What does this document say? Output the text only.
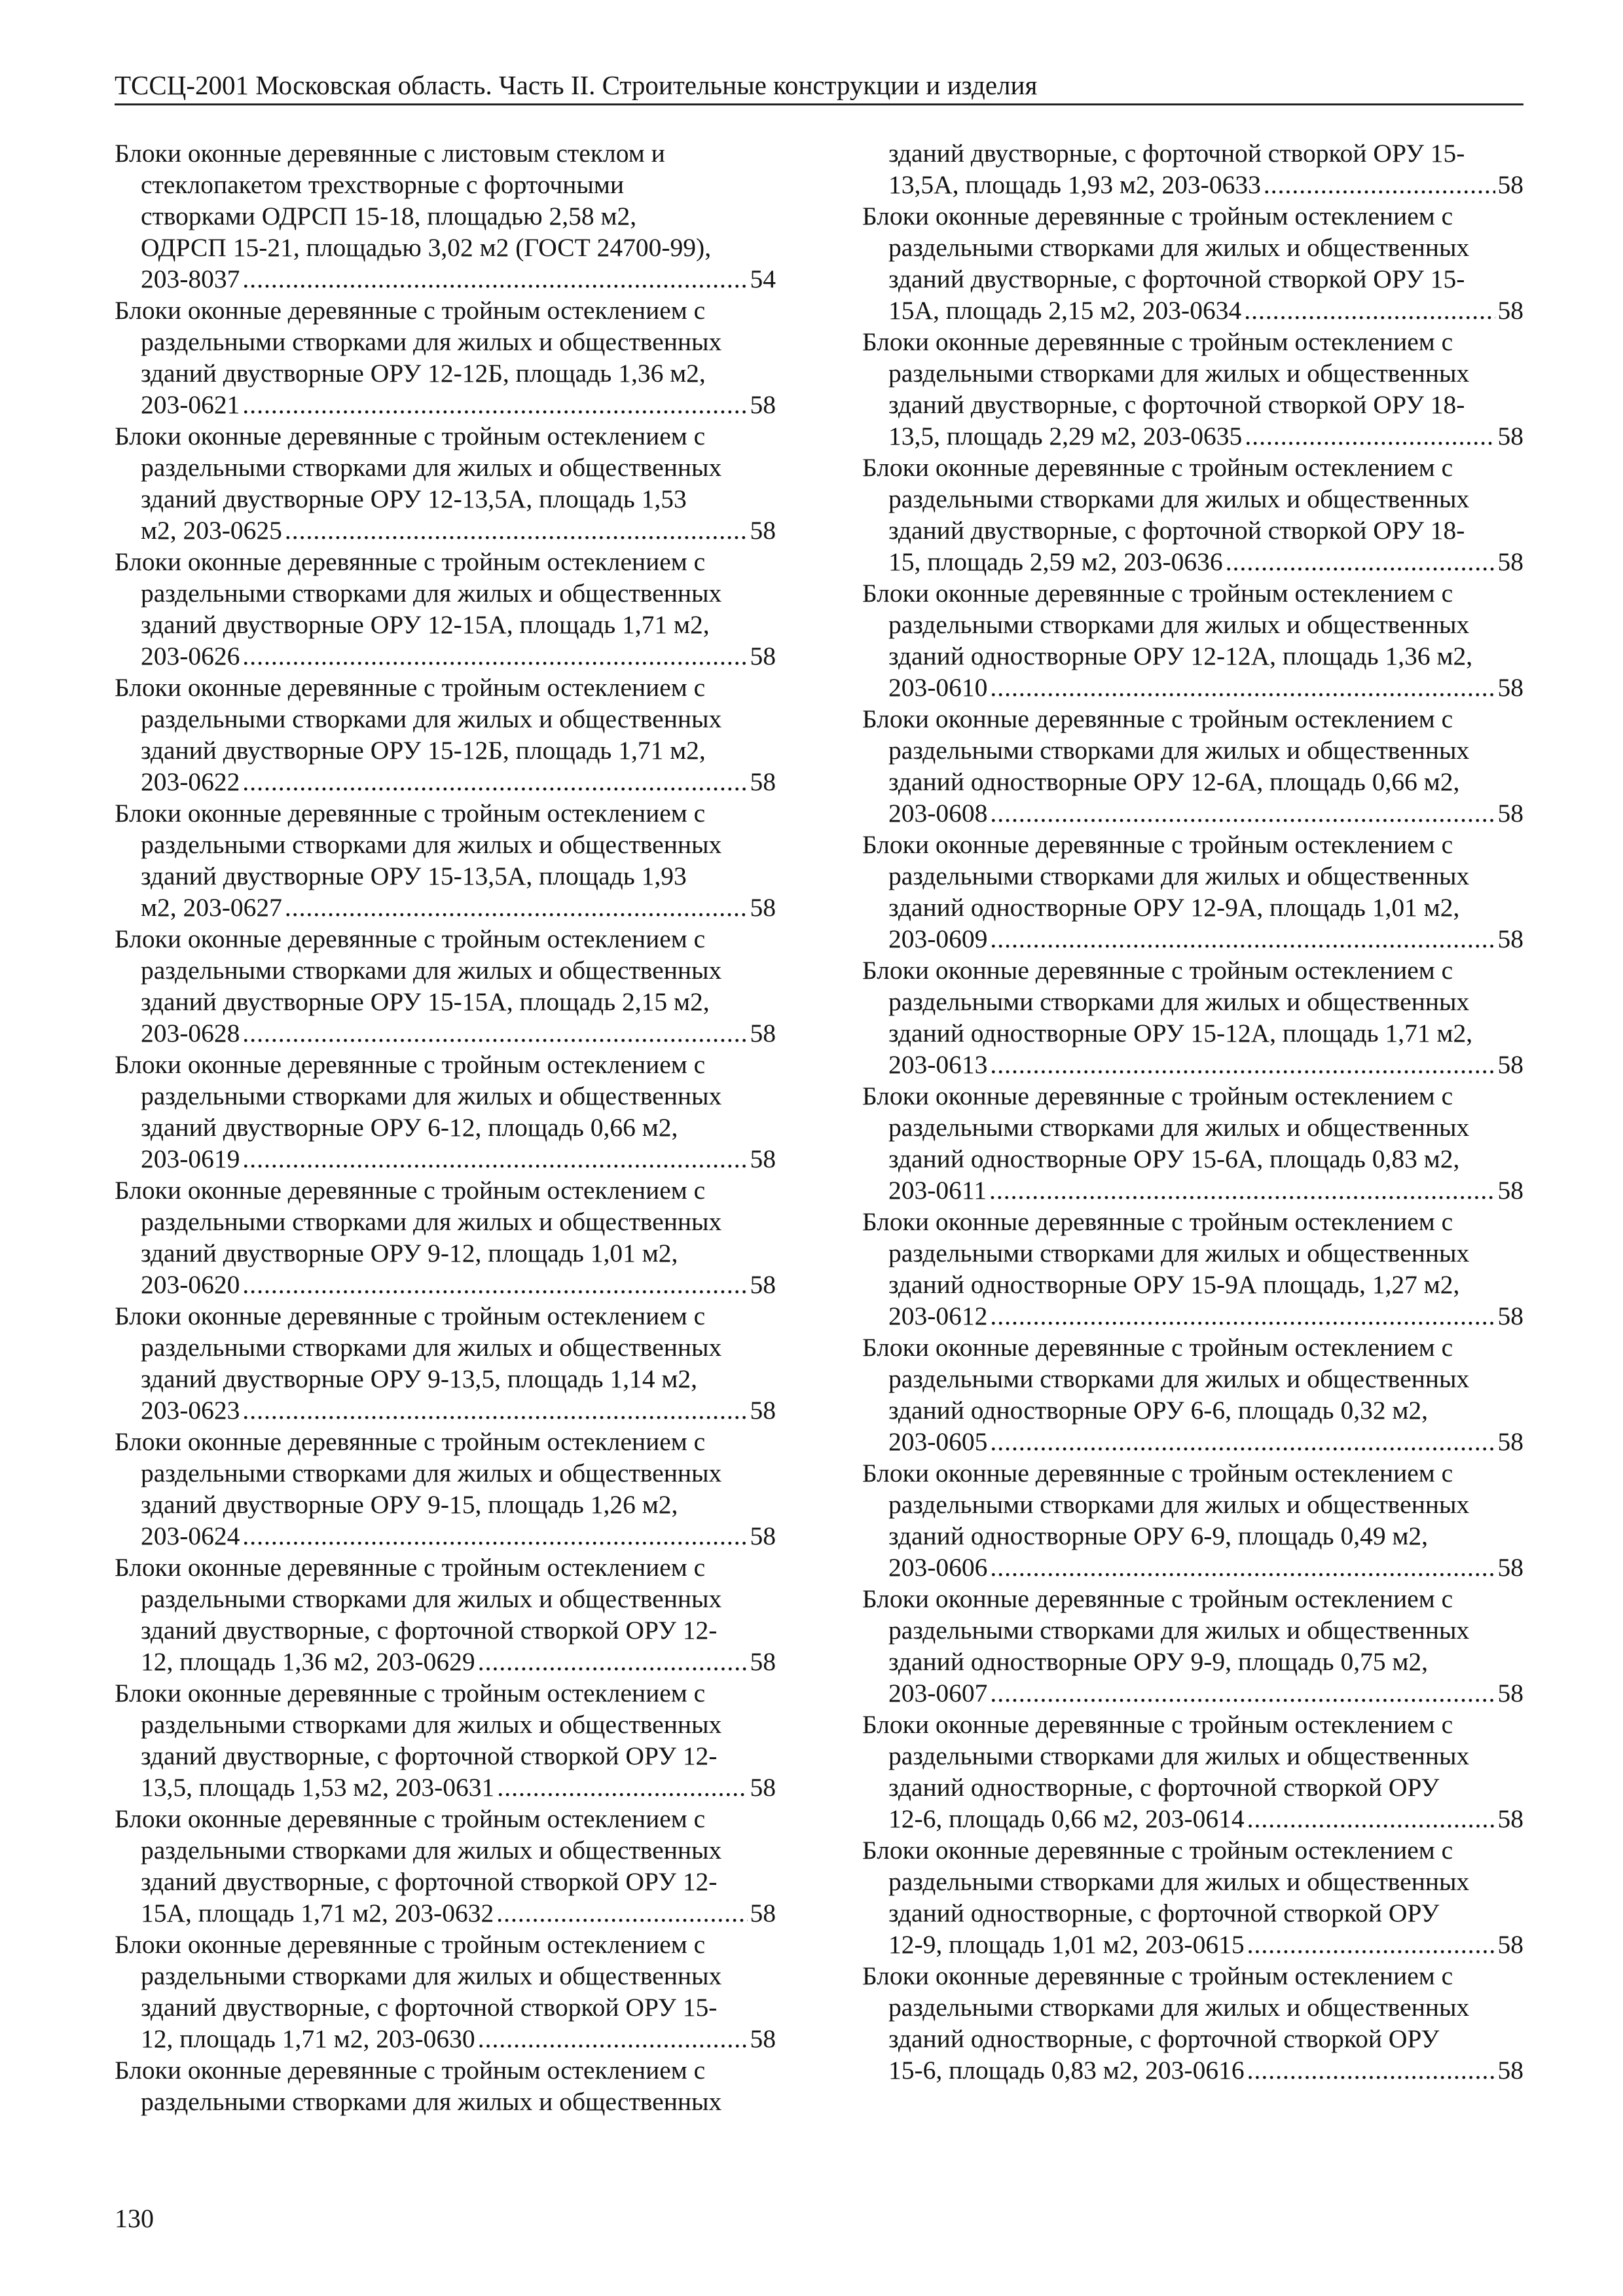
ТССЦ-2001 Московская область. Часть II. Строительные конструкции и изделия
Блоки оконные деревянные с листовым стеклом и
стеклопакетом трехстворные с форточными
створками ОДРСП 15-18, площадью 2,58 м2,
ОДРСП 15-21, площадью 3,02 м2 (ГОСТ 24700-99),
203-8037 .....	54
Блоки оконные деревянные с тройным остеклением с
раздельными створками для жилых и общественных
зданий двустворные ОРУ 12-12Б, площадь 1,36 м2,
203-0621 .....	58
Блоки оконные деревянные с тройным остеклением с
раздельными створками для жилых и общественных
зданий двустворные ОРУ 12-13,5А, площадь 1,53
м2, 203-0625 .....	58
Блоки оконные деревянные с тройным остеклением с
раздельными створками для жилых и общественных
зданий двустворные ОРУ 12-15А, площадь 1,71 м2,
203-0626 .....	58
Блоки оконные деревянные с тройным остеклением с
раздельными створками для жилых и общественных
зданий двустворные ОРУ 15-12Б, площадь 1,71 м2,
203-0622 .....	58
Блоки оконные деревянные с тройным остеклением с
раздельными створками для жилых и общественных
зданий двустворные ОРУ 15-13,5А, площадь 1,93
м2, 203-0627 .....	58
Блоки оконные деревянные с тройным остеклением с
раздельными створками для жилых и общественных
зданий двустворные ОРУ 15-15А, площадь 2,15 м2,
203-0628 .....	58
Блоки оконные деревянные с тройным остеклением с
раздельными створками для жилых и общественных
зданий двустворные ОРУ 6-12, площадь 0,66 м2,
203-0619 .....	58
Блоки оконные деревянные с тройным остеклением с
раздельными створками для жилых и общественных
зданий двустворные ОРУ 9-12, площадь 1,01 м2,
203-0620 .....	58
Блоки оконные деревянные с тройным остеклением с
раздельными створками для жилых и общественных
зданий двустворные ОРУ 9-13,5, площадь 1,14 м2,
203-0623 .....	58
Блоки оконные деревянные с тройным остеклением с
раздельными створками для жилых и общественных
зданий двустворные ОРУ 9-15, площадь 1,26 м2,
203-0624 .....	58
Блоки оконные деревянные с тройным остеклением с
раздельными створками для жилых и общественных
зданий двустворные, с форточной створкой ОРУ 12-
12, площадь 1,36 м2, 203-0629 .....	58
Блоки оконные деревянные с тройным остеклением с
раздельными створками для жилых и общественных
зданий двустворные, с форточной створкой ОРУ 12-
13,5, площадь 1,53 м2, 203-0631 .....	58
Блоки оконные деревянные с тройным остеклением с
раздельными створками для жилых и общественных
зданий двустворные, с форточной створкой ОРУ 12-
15А, площадь 1,71 м2, 203-0632 .....	58
Блоки оконные деревянные с тройным остеклением с
раздельными створками для жилых и общественных
зданий двустворные, с форточной створкой ОРУ 15-
12, площадь 1,71 м2, 203-0630 .....	58
Блоки оконные деревянные с тройным остеклением с
раздельными створками для жилых и общественных
зданий двустворные, с форточной створкой ОРУ 15-
13,5А, площадь 1,93 м2, 203-0633 .....	58
Блоки оконные деревянные с тройным остеклением с
раздельными створками для жилых и общественных
зданий двустворные, с форточной створкой ОРУ 15-
15А, площадь 2,15 м2, 203-0634 .....	58
Блоки оконные деревянные с тройным остеклением с
раздельными створками для жилых и общественных
зданий двустворные, с форточной створкой ОРУ 18-
13,5, площадь 2,29 м2, 203-0635 .....	58
Блоки оконные деревянные с тройным остеклением с
раздельными створками для жилых и общественных
зданий двустворные, с форточной створкой ОРУ 18-
15, площадь 2,59 м2, 203-0636 .....	58
Блоки оконные деревянные с тройным остеклением с
раздельными створками для жилых и общественных
зданий одностворные ОРУ 12-12А, площадь 1,36 м2,
203-0610 .....	58
Блоки оконные деревянные с тройным остеклением с
раздельными створками для жилых и общественных
зданий одностворные ОРУ 12-6А, площадь 0,66 м2,
203-0608 .....	58
Блоки оконные деревянные с тройным остеклением с
раздельными створками для жилых и общественных
зданий одностворные ОРУ 12-9А, площадь 1,01 м2,
203-0609 .....	58
Блоки оконные деревянные с тройным остеклением с
раздельными створками для жилых и общественных
зданий одностворные ОРУ 15-12А, площадь 1,71 м2,
203-0613 .....	58
Блоки оконные деревянные с тройным остеклением с
раздельными створками для жилых и общественных
зданий одностворные ОРУ 15-6А, площадь 0,83 м2,
203-0611 .....	58
Блоки оконные деревянные с тройным остеклением с
раздельными створками для жилых и общественных
зданий одностворные ОРУ 15-9А площадь, 1,27 м2,
203-0612 .....	58
Блоки оконные деревянные с тройным остеклением с
раздельными створками для жилых и общественных
зданий одностворные ОРУ 6-6, площадь 0,32 м2,
203-0605 .....	58
Блоки оконные деревянные с тройным остеклением с
раздельными створками для жилых и общественных
зданий одностворные ОРУ 6-9, площадь 0,49 м2,
203-0606 .....	58
Блоки оконные деревянные с тройным остеклением с
раздельными створками для жилых и общественных
зданий одностворные ОРУ 9-9, площадь 0,75 м2,
203-0607 .....	58
Блоки оконные деревянные с тройным остеклением с
раздельными створками для жилых и общественных
зданий одностворные, с форточной створкой ОРУ
12-6, площадь 0,66 м2, 203-0614 .....	58
Блоки оконные деревянные с тройным остеклением с
раздельными створками для жилых и общественных
зданий одностворные, с форточной створкой ОРУ
12-9, площадь 1,01 м2, 203-0615 .....	58
Блоки оконные деревянные с тройным остеклением с
раздельными створками для жилых и общественных
зданий одностворные, с форточной створкой ОРУ
15-6, площадь 0,83 м2, 203-0616 .....	58
130
